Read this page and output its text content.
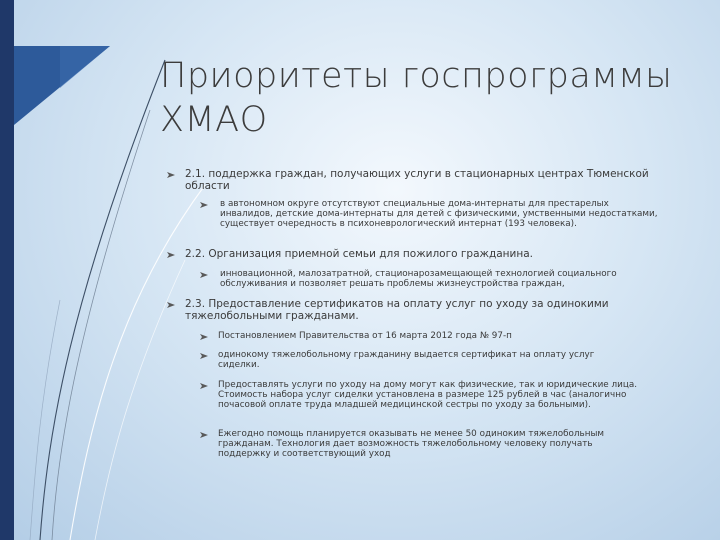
Приоритеты госпрограммы
ХМАО
2.1. поддержка граждан, получающих услуги в стационарных центрах Тюменской области
в автономном округе отсутствуют специальные дома-интернаты для престарелых инвалидов, детские дома-интернаты для детей с физическими, умственными недостатками, существует очередность в психоневрологический интернат (193 человека).
2.2. Организация приемной семьи для пожилого гражданина.
инновационной, малозатратной, стационарозамещающей технологией социального обслуживания и позволяет решать проблемы жизнеустройства граждан,
2.3. Предоставление сертификатов на оплату услуг по уходу за одинокими тяжелобольными гражданами.
Постановлением Правительства от 16 марта 2012 года № 97-п
одинокому тяжелобольному гражданину выдается сертификат на оплату услуг сиделки.
Предоставлять услуги по уходу на дому могут как физические, так и юридические лица. Стоимость набора услуг сиделки установлена в размере 125 рублей в час (аналогично почасовой оплате труда младшей медицинской сестры по уходу за больными).
Ежегодно помощь планируется оказывать не менее 50 одиноким тяжелобольным гражданам. Технология дает возможность тяжелобольному человеку получать поддержку и соответствующий уход
